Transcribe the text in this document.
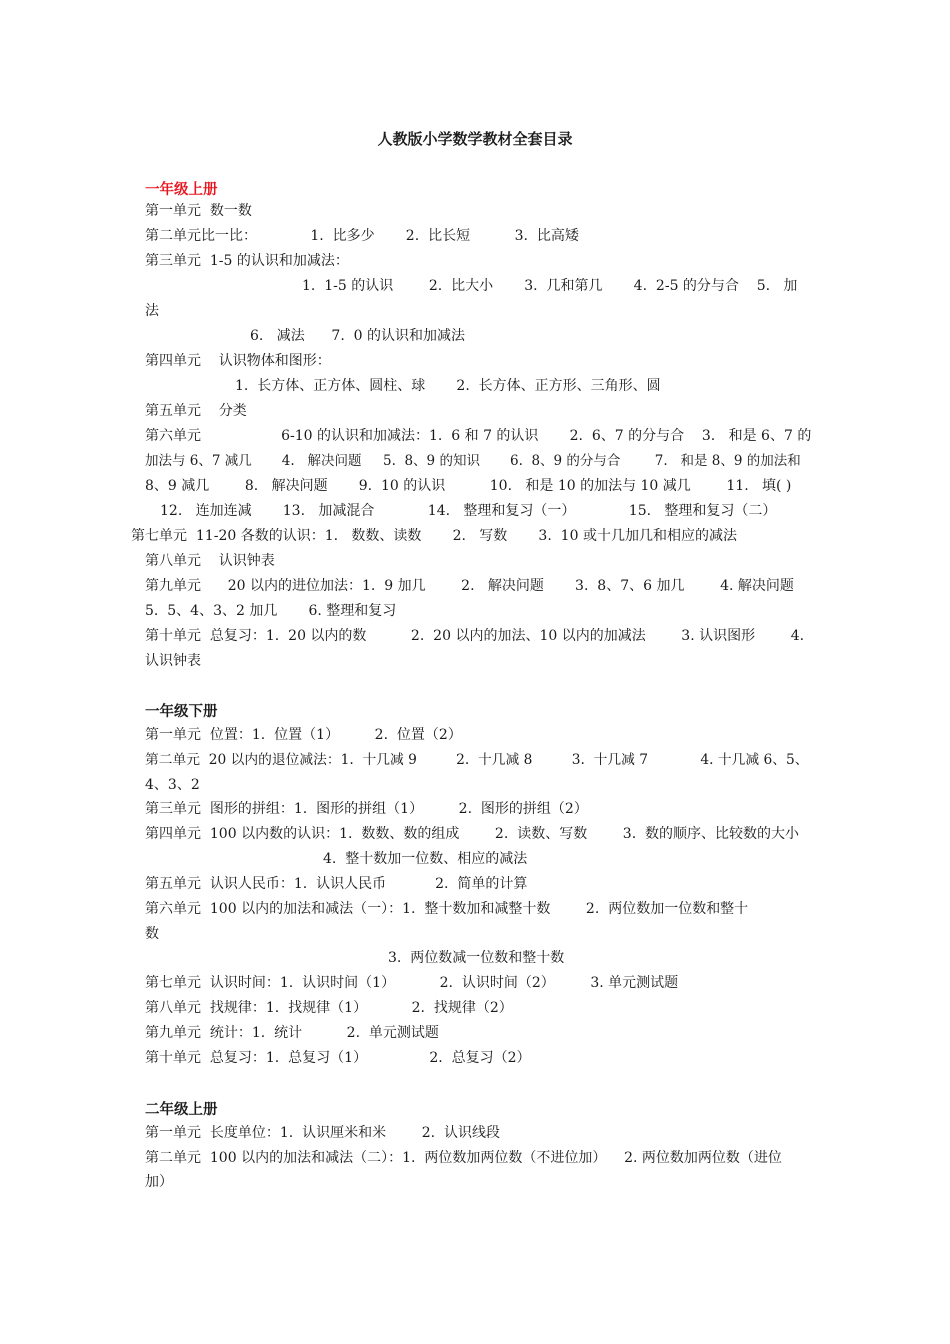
人教版小学数学教材全套目录
一年级上册
第一单元  数一数
第二单元比一比：            1.  比多少       2.  比长短          3.  比高矮
第三单元  1-5 的认识和加减法：
1.  1-5 的认识        2.  比大小       3.  几和第几       4.  2-5 的分与合    5.   加
法
6.   减法      7.  0 的认识和加减法
第四单元    认识物体和图形：
1.  长方体、正方体、圆柱、球       2.  长方体、正方形、三角形、圆
第五单元    分类
第六单元                  6-10 的认识和加减法：1.  6 和 7 的认识       2.  6、7 的分与合    3.   和是 6、7 的
加法与 6、7 减几       4.   解决问题     5.  8、9 的知识       6.  8、9 的分与合        7.   和是 8、9 的加法和
8、9 减几        8.   解决问题       9.  10 的认识          10.   和是 10 的加法与 10 减几        11.   填( )
12.   连加连减       13.   加减混合            14.   整理和复习（一）            15.   整理和复习（二）
第七单元  11-20 各数的认识：1.   数数、读数       2.   写数       3.  10 或十几加几和相应的减法
第八单元    认识钟表
第九单元      20 以内的进位加法：1.  9 加几        2.   解决问题       3.  8、7、6 加几        4. 解决问题
5.  5、4、3、2 加几       6. 整理和复习
第十单元  总复习：1.  20 以内的数          2.  20 以内的加法、10 以内的加减法        3. 认识图形        4.
认识钟表
一年级下册
第一单元  位置：1.  位置（1）        2.  位置（2）
第二单元  20 以内的退位减法：1.  十几减 9         2.  十几减 8         3.  十几减 7            4. 十几减 6、5、
4、3、2
第三单元  图形的拼组：1.  图形的拼组（1）        2.  图形的拼组（2）
第四单元  100 以内数的认识：1.  数数、数的组成        2.  读数、写数        3.  数的顺序、比较数的大小
4.  整十数加一位数、相应的减法
第五单元  认识人民币：1.  认识人民币           2.  简单的计算
第六单元  100 以内的加法和减法（一）：1.  整十数加和减整十数        2.  两位数加一位数和整十
数
3.  两位数减一位数和整十数
第七单元  认识时间：1.  认识时间（1）          2.  认识时间（2）        3. 单元测试题
第八单元  找规律：1.  找规律（1）          2.  找规律（2）
第九单元  统计：1.  统计          2.  单元测试题
第十单元  总复习：1.  总复习（1）              2.  总复习（2）
二年级上册
第一单元  长度单位：1.  认识厘米和米        2.  认识线段
第二单元  100 以内的加法和减法（二）：1.  两位数加两位数（不进位加）    2. 两位数加两位数（进位
加）
